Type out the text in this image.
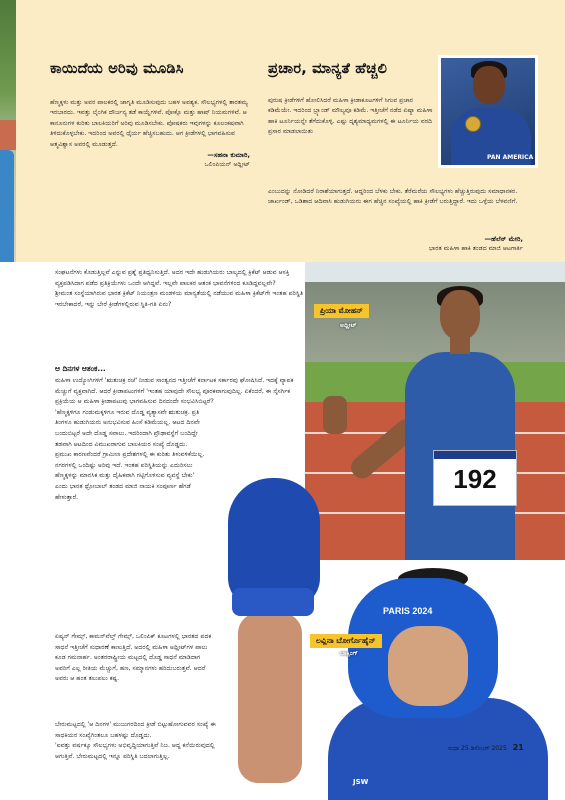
ಕಾಯಿದೆಯ ಅರಿವು ಮೂಡಿಸಿ
ಹೆಣ್ಮಕ್ಕಳು ಮತ್ತು ಅವರ ಪಾಲಕರಲ್ಲಿ ಜಾಗೃತಿ ಮೂಡಿಸುವುದು ಬಹಳ ಅವಶ್ಯಕ. ಸೌಲಭ್ಯಗಳಲ್ಲಿ ತಾರತಮ್ಯ ಇರಬಾರದು. ಇವತ್ತು ಲೈಂಗಿಕ ದೌರ್ಜನ್ಯ ತಡೆ ಕಾಯ್ದೆಗಳಿವೆ. ಪೋಕ್ಸೊ ಮತ್ತು ಹಾಷ್ ನಿಯಮಗಳಿವೆ. ಆ ಕಾನೂನುಗಳ ಕುರಿತು ಬಾಲಕಿಯರಿಗೆ ಅರಿವು ಮೂಡಿಸಬೇಕು. ಪೋಷಕರು ಇವುಗಳನ್ನು ಕೂಲಂಕಷವಾಗಿ ತಿಳಿದುಕೊಳ್ಳಬೇಕು. ಇದರಿಂದ ಅವರಲ್ಲಿ ಧೈರ್ಯ ಹೆಚ್ಚಿಸಬಹುದು. ಆಗ ಕ್ರೀಡೆಗಳಲ್ಲಿ ಭಾಗವಹಿಸುವ ಆತ್ಮವಿಶ್ವಾಸ ಅವರಲ್ಲಿ ಮೂಡುತ್ತದೆ.
—ಸಹನಾ ಕುಮಾರಿ,
ಒಲಿಂಪಿಯನ್ ಅಥ್ಲೀಟ್
ಪ್ರಚಾರ, ಮಾನ್ಯತೆ ಹೆಚ್ಚಲಿ
ಪುರುಷ ಕ್ರೀಡೆಗಳಿಗೆ ಹೋಲಿಸಿದರೆ ಮಹಿಳಾ ಕ್ರೀಡಾಕೂಟಗಳಿಗೆ ಸಿಗುವ ಪ್ರಚಾರ ಕಡಿಮೆಯೇ. ಇದರಿಂದ ಬ್ರ್ಯಾಂಡ್ ಮೌಲ್ಯವೂ ಕಡಿಮೆ. ಇತ್ತೀಚೆಗೆ ನಡೆದ ಏಷ್ಯಾ ಮಹಿಳಾ ಹಾಕಿ ಟೂರ್ನಿಯನ್ನೇ ತೆಗೆದುಕೊಳ್ಳಿ. ಎಷ್ಟು ದೃಶ್ಯಮಾಧ್ಯಮಗಳಲ್ಲಿ ಈ ಟೂರ್ನಿಯ ವರದಿ ಪ್ರಸಾರ ಮಾಡಲಾಯಿತು
ಎಂಬುದನ್ನು ನೋಡಿದರೆ ನಿರಾಶೆಯಾಗುತ್ತದೆ. ಆದ್ದರಿಂದ ಬೆಳಕು ಬೇಕು. ತೆರೆಮರೆಯ ಸೌಲಭ್ಯಗಳು ಹೆಚ್ಚುತ್ತಿರುವುದು ಸಮಾಧಾನಕರ. ಜಾರ್ಖಂಡ್, ಒಡಿಶಾದ ಆದಿವಾಸಿ ಹುಡುಗಿಯರು ಈಗ ಹೆಚ್ಚಿನ ಸಂಖ್ಯೆಯಲ್ಲಿ ಹಾಕಿ ಕ್ರೀಡೆಗೆ ಬರುತ್ತಿದ್ದಾರೆ. ಇದು ಒಳ್ಳೆಯ ಬೆಳವಣಿಗೆ.
—ಹೆಲೆನ್ ಮೇರಿ,
ಭಾರತ ಮಹಿಳಾ ಹಾಕಿ ತಂಡದ ಮಾಜಿ ಆಟಗಾರ್ತಿ
PAN AMERICA

ಸಂಘಟನೆಗಳು ಕೊಡುತ್ತಿಲ್ಲವೆ ಎನ್ನುವ ಪ್ರಶ್ನೆ ಪ್ರತಿಧ್ವನಿಸುತ್ತಿದೆ. ಅದರ ಇದೇ ಹುಡುಗಿಯರು ಬಾಲ್ಯದಲ್ಲಿ ಕ್ರಿಕೆಟ್ ಆಡುವ ಆಸಕ್ತಿ ವ್ಯಕ್ತಪಡಿಸಿದಾಗ ಪಡೆದ ಪ್ರತಿಕ್ರಿಯೆಗಳು ಒಂದೇ ಆಗಿದ್ದವೆ. ಇಲ್ಲವೇ ಪಾಲಕರ ಆತಂಕ ಭಾವನೆಗಳಿಂದ ಕೂಡಿದ್ದವಲ್ಲವೇ?

ಶ್ರೀಮಂತ ಸಂಸ್ಥೆಯಾಗಿರುವ ಭಾರತ ಕ್ರಿಕೆಟ್ ನಿಯಂತ್ರಣ ಮಂಡಳಿಯ ಮಾನ್ಯತೆಯಲ್ಲಿ ನಡೆಯುವ ಮಹಿಳಾ ಕ್ರಿಕೆಟ್‌ಗೇ ಇಂತಹ ಪರಿಸ್ಥಿತಿ ಇರಬೇಕಾದರೆ, ಇನ್ನು ಬೇರೆ ಕ್ರೀಡೆಗಳಲ್ಲಿರುವ ಸ್ಥಿತಿ-ಗತಿ ಏನು?

ಆ ದಿನಗಳ ಆತಂಕ...

ಮಹಿಳಾ ಉದ್ಯೋಗಿಗಳಿಗೆ 'ಋತುಚಕ್ರ ರಜೆ' ನೀಡುವ ಸಾಂತ್ವನದ ಇತ್ತೀಚೆಗೆ ಕರ್ನಾಟಕ ಸರ್ಕಾರವು ಘೋಷಿಸಿದೆ. ಇದಕ್ಕೆ ವ್ಯಾಪಕ ಮೆಚ್ಚುಗೆ ವ್ಯಕ್ತವಾಗಿದೆ. ಆದರೆ ಕ್ರೀಡಾಪಟುಗಳಿಗೆ 'ಇಂತಹ ಯಾವುದೇ ಸೌಲಭ್ಯ ಪೂರಕವಾಗುವುದಿಲ್ಲ. ಏಕೆಂದರೆ, ಈ ನೈಸರ್ಗಿಕ ಪ್ರಕ್ರಿಯೆಯ ಆ ಮಹಿಳಾ ಕ್ರೀಡಾಪಟುವು ಭಾಗವಹಿಸುವ ದಿನದಂದೇ ಸಂಭವಿಸಿಬಿಟ್ಟರೆ?

'ಹೆಣ್ಮಕ್ಕಳಿಗೂ ಗಂಡುಮಕ್ಕಳಿಗೂ ಇರುವ ದೊಡ್ಡ ವ್ಯತ್ಯಾಸವೇ ಋತುಚಕ್ರ. ಪ್ರತಿ ತಿಂಗಳೂ ಹುಡುಗಿಯರು ಅನುಭವಿಸುವ ಹಿಂಸೆ ಕಡಿಮೆಯಲ್ಲ. ಆಟದ ದಿನವೇ ಬಂದುಬಿಟ್ಟರೆ ಅದೇ ದೊಡ್ಡ ಸವಾಲು. ಇದರಿಂದಾಗಿ ಪ್ರೌಢಾವಸ್ಥೆಗೆ ಬಂದಿದ್ದೇ ತಡವಾಗಿ ಆಟದಿಂದ ವಿಮುಖರಾಗುವ ಬಾಲಕಿಯರ ಸಂಖ್ಯೆ ದೊಡ್ಡದು. ಪ್ರಮುಖ ಕಾರಣವೆಂದರೆ ಗ್ರಾಮೀಣ ಪ್ರದೇಶಗಳಲ್ಲಿ ಈ ಕುರಿತು ತಿಳುವಳಿಕೆಯಿಲ್ಲ. ನಗರಗಳಲ್ಲಿ ಒಂದಿಷ್ಟು ಅರಿವು ಇದೆ. ಇಂತಹ ಪರಿಸ್ಥಿತಿಯನ್ನು ಎದುರಿಸಲು ಹೆಣ್ಮಕ್ಕಳನ್ನು ಮಾನಸಿಕ ಮತ್ತು ದೈಹಿಕವಾಗಿ ಗಟ್ಟಿಗೊಳಿಸುವ ವ್ಯವಸ್ಥೆ ಬೇಕು' ಎಂದು ಭಾರತ ಥ್ರೋಬಾಲ್ ತಂಡದ ಮಾಜಿ ನಾಯಕಿ ಸಂಪೂರ್ಣ ಹೆಗಡೆ ಹೇಳುತ್ತಾರೆ.

ಏಷ್ಯನ್ ಗೇಮ್ಸ್, ಕಾಮನ್‌ವೆಲ್ತ್ ಗೇಮ್ಸ್, ಒಲಿಂಪಿಕ್ ಕೂಟಗಳಲ್ಲಿ ಭಾರತದ ಪದಕ ಸಾಧನೆ ಇತ್ತೀಚೆಗೆ ಸುಧಾರಣೆ ಕಾಣುತ್ತಿದೆ. ಅದರಲ್ಲಿ ಮಹಿಳಾ ಅಥ್ಲೀಟ್‌ಗಳ ಪಾಲು ಕೂಡ ಗಮನಾರ್ಹ. ಅಂತರರಾಷ್ಟ್ರೀಯ ಮಟ್ಟದಲ್ಲಿ ದೊಡ್ಡ ಸಾಧನೆ ಮಾಡಿದಾಗ ಅವರಿಗೆ ಎಲ್ಲ ರೀತಿಯ ಮೆಚ್ಚುಗೆ, ಹಣ, ಸಮ್ಮಾನಗಳು ಹರಿದುಬರುತ್ತವೆ. ಆದರೆ ಅವರು ಆ ಹಂತ ತಲುಪಲು ಕಷ್ಟ.

ಬೇರುಮಟ್ಟದಲ್ಲಿ 'ಆ ದಿನಗಳ' ಮುಜುಗರದಿಂದ ಕ್ರೀಡೆ ಬಿಟ್ಟುಹೋಗುವವರ ಸಂಖ್ಯೆ ಈ ಸಾಧಕಿಯರ ಸಂಖ್ಯೆಗಿಂತಲೂ ಬಹಳಷ್ಟು ದೊಡ್ಡದು.

'ಐವತ್ತು ವರ್ಷಕ್ಕೂ ಸೌಲಭ್ಯಗಳು ಅಭಿವೃದ್ಧಿಯಾಗುತ್ತಿವೆ ನಿಜ. ಆದ್ದ ಕನೆಯಿರುವುದಲ್ಲಿ ಆಗುತ್ತಿವೆ. ಬೇರುಮಟ್ಟದಲ್ಲಿ ಇನ್ನೂ ಪರಿಸ್ಥಿತಿ ಬದಲಾಗುತ್ತಿಲ್ಲ.

192
ಪ್ರಿಯಾ ಮೋಹನ್
ಅಥ್ಲೀಟ್
PARIS 2024
JSW
ಲವ್ಲಿನಾ ಬೋರ್ಗೊಹೈನ್
ಬಾಕ್ಸಿಂಗ್
ಸುಧಾ 25 ಡಿಸೆಂಬರ್ 2025 21
